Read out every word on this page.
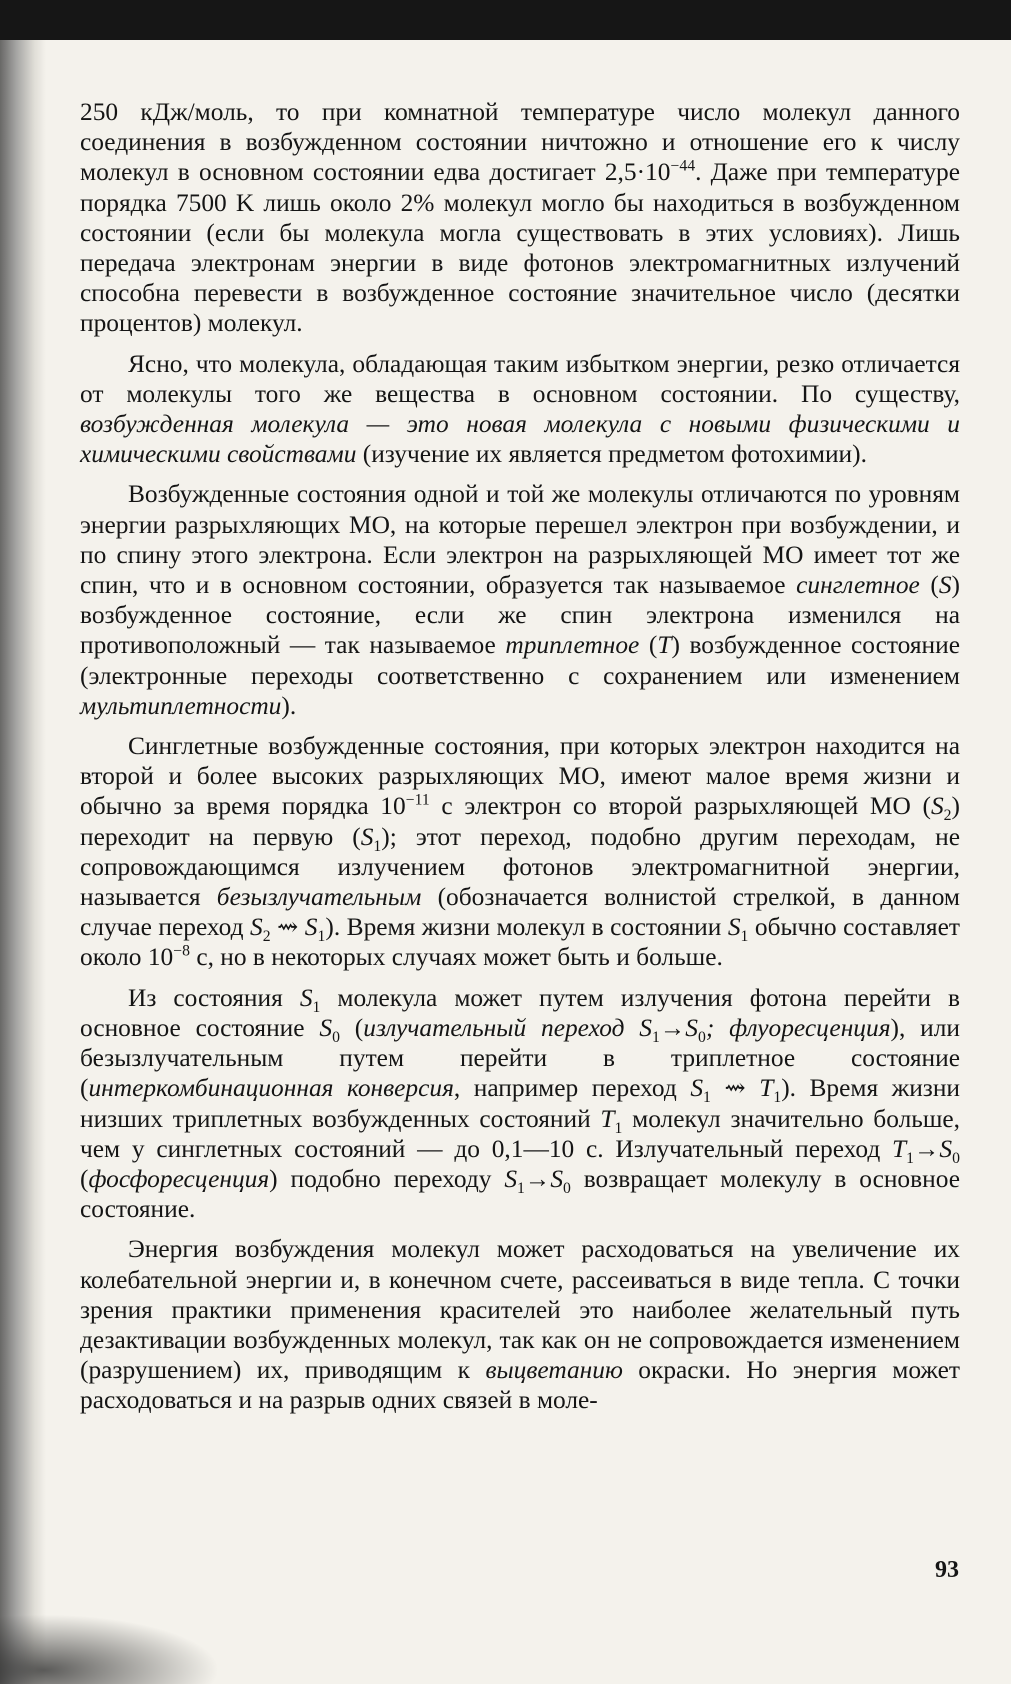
250 кДж/моль, то при комнатной температуре число молекул данного соединения в возбужденном состоянии ничтожно и отношение его к числу молекул в основном состоянии едва достигает $2,5\cdot 10^{-44}$. Даже при температуре порядка 7500 K лишь около 2% молекул могло бы находиться в возбужденном состоянии (если бы молекула могла существовать в этих условиях). Лишь передача электронам энергии в виде фотонов электромагнитных излучений способна перевести в возбужденное состояние значительное число (десятки процентов) молекул.

Ясно, что молекула, обладающая таким избытком энергии, резко отличается от молекулы того же вещества в основном состоянии. По существу, возбужденная молекула — это новая молекула с новыми физическими и химическими свойствами (изучение их является предметом фотохимии).

Возбужденные состояния одной и той же молекулы отличаются по уровням энергии разрыхляющих МО, на которые перешел электрон при возбуждении, и по спину этого электрона. Если электрон на разрыхляющей МО имеет тот же спин, что и в основном состоянии, образуется так называемое синглетное (S) возбужденное состояние, если же спин электрона изменился на противоположный — так называемое триплетное (T) возбужденное состояние (электронные переходы соответственно с сохранением или изменением мультиплетности).

Синглетные возбужденные состояния, при которых электрон находится на второй и более высоких разрыхляющих МО, имеют малое время жизни и обычно за время порядка $10^{-11}$ с электрон со второй разрыхляющей МО $(S_2)$ переходит на первую $(S_1)$; этот переход, подобно другим переходам, не сопровождающимся излучением фотонов электромагнитной энергии, называется безызлучательным (обозначается волнистой стрелкой, в данном случае переход $S_2$ ⇝ $S_1$). Время жизни молекул в состоянии $S_1$ обычно составляет около $10^{-8}$ с, но в некоторых случаях может быть и больше.

Из состояния $S_1$ молекула может путем излучения фотона перейти в основное состояние $S_0$ (излучательный переход $S_1\to S_0$; флуоресценция), или безызлучательным путем перейти в триплетное состояние (интеркомбинационная конверсия, например переход $S_1$ ⇝ $T_1$). Время жизни низших триплетных возбужденных состояний $T_1$ молекул значительно больше, чем у синглетных состояний — до 0,1—10 с. Излучательный переход $T_1\to S_0$ (фосфоресценция) подобно переходу $S_1\to S_0$ возвращает молекулу в основное состояние.

Энергия возбуждения молекул может расходоваться на увеличение их колебательной энергии и, в конечном счете, рассеиваться в виде тепла. С точки зрения практики применения красителей это наиболее желательный путь дезактивации возбужденных молекул, так как он не сопровождается изменением (разрушением) их, приводящим к выцветанию окраски. Но энергия может расходоваться и на разрыв одних связей в моле-

93
